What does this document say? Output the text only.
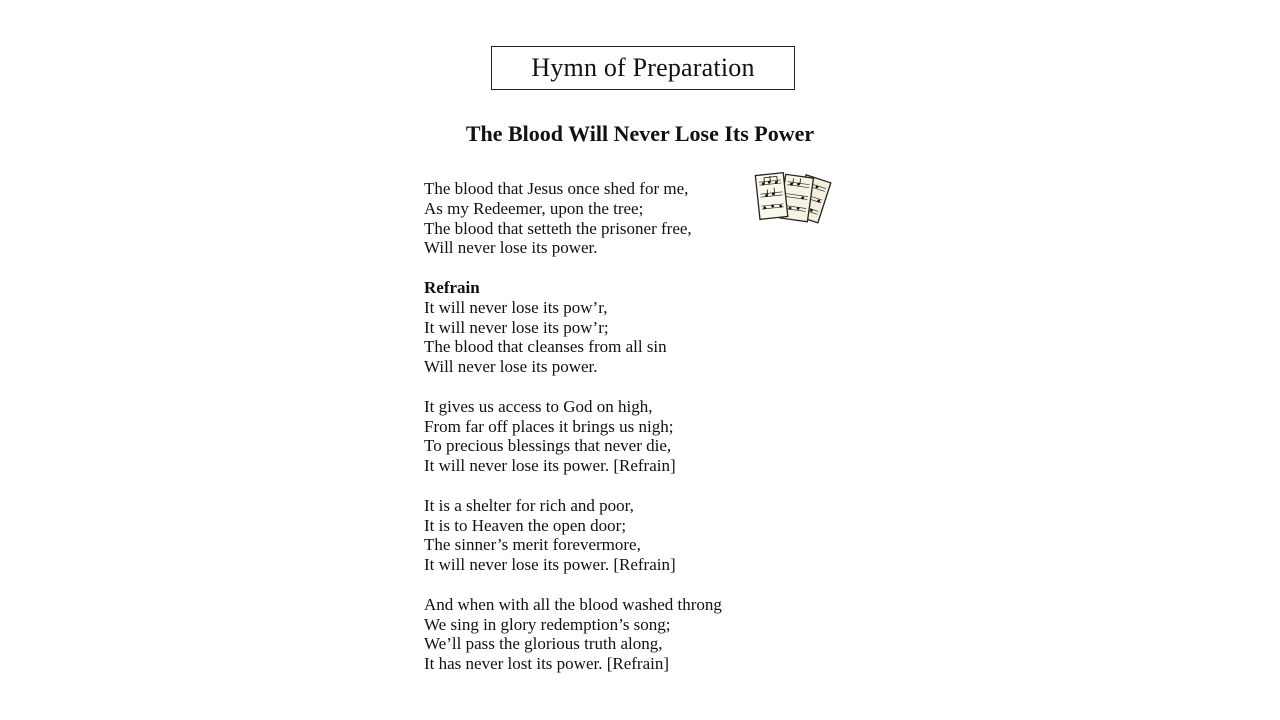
Hymn of Preparation
The Blood Will Never Lose Its Power
The blood that Jesus once shed for me,
As my Redeemer, upon the tree;
The blood that setteth the prisoner free,
Will never lose its power.
Refrain
It will never lose its pow’r,
It will never lose its pow’r;
The blood that cleanses from all sin
Will never lose its power.
It gives us access to God on high,
From far off places it brings us nigh;
To precious blessings that never die,
It will never lose its power. [Refrain]
It is a shelter for rich and poor,
It is to Heaven the open door;
The sinner’s merit forevermore,
It will never lose its power. [Refrain]
And when with all the blood washed throng
We sing in glory redemption’s song;
We’ll pass the glorious truth along,
It has never lost its power. [Refrain]
